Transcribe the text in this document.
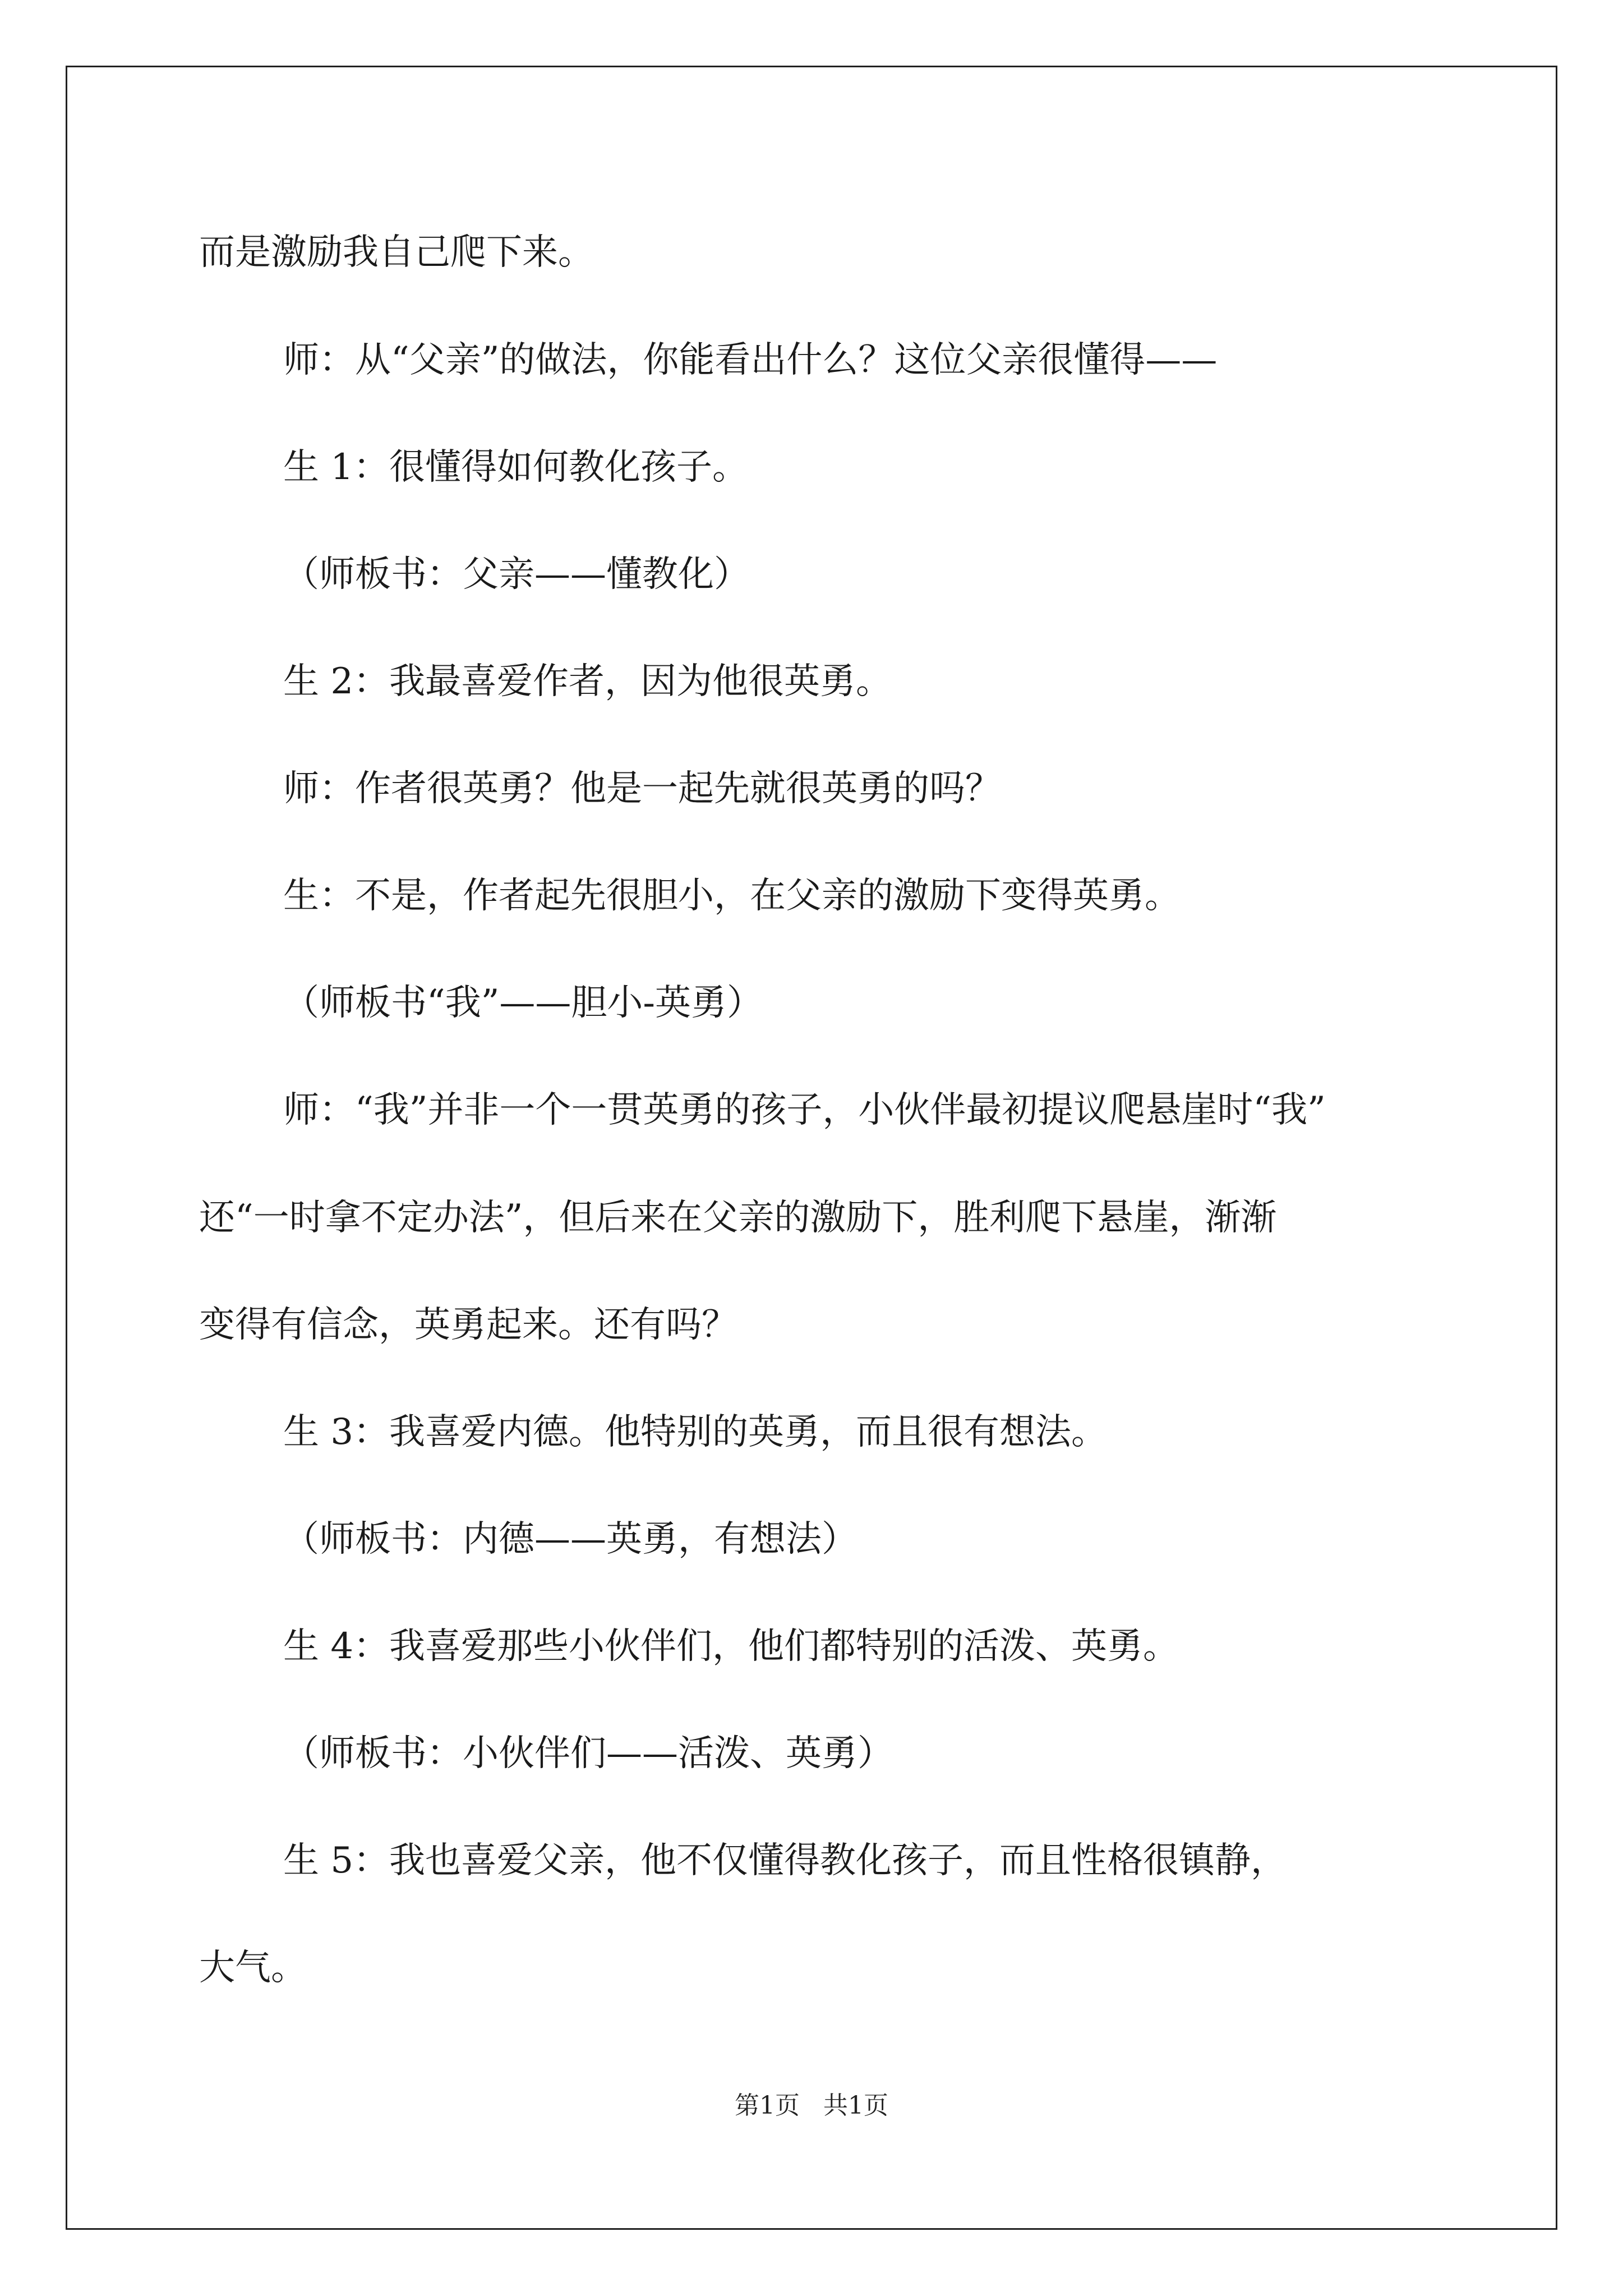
而是激励我自己爬下来。
师：从“父亲”的做法，你能看出什么？这位父亲很懂得——
生 1：很懂得如何教化孩子。
（师板书：父亲——懂教化）
生 2：我最喜爱作者，因为他很英勇。
师：作者很英勇？他是一起先就很英勇的吗？
生：不是，作者起先很胆小，在父亲的激励下变得英勇。
（师板书“我”——胆小-英勇）
师：“我”并非一个一贯英勇的孩子，小伙伴最初提议爬悬崖时“我”
还“一时拿不定办法”，但后来在父亲的激励下，胜利爬下悬崖，渐渐
变得有信念，英勇起来。还有吗？
生 3：我喜爱内德。他特别的英勇，而且很有想法。
（师板书：内德——英勇，有想法）
生 4：我喜爱那些小伙伴们，他们都特别的活泼、英勇。
（师板书：小伙伴们——活泼、英勇）
生 5：我也喜爱父亲，他不仅懂得教化孩子，而且性格很镇静，
大气。
第1页 共1页
